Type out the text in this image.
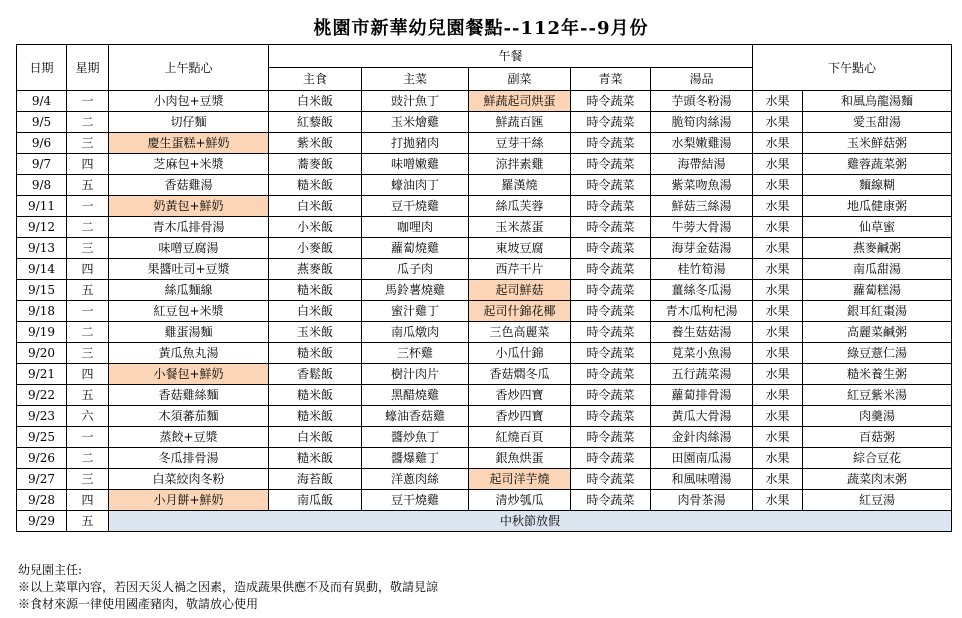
桃園市新華幼兒園餐點--112年--9月份
日期	星期	上午點心	午餐					下午點心	
			主食	主菜	副菜	青菜	湯品		
9/4	一	小肉包+豆漿	白米飯	豉汁魚丁	鮮蔬起司烘蛋	時令蔬菜	芋頭冬粉湯	水果	和風烏龍湯麵
9/5	二	切仔麵	紅藜飯	玉米燴雞	鮮蔬百匯	時令蔬菜	脆筍肉絲湯	水果	愛玉甜湯
9/6	三	慶生蛋糕+鮮奶	紫米飯	打拋豬肉	豆芽干絲	時令蔬菜	水梨嫩雞湯	水果	玉米鮮菇粥
9/7	四	芝麻包+米漿	蕎麥飯	味噌嫩雞	涼拌素雞	時令蔬菜	海帶結湯	水果	雞蓉蔬菜粥
9/8	五	香菇雞湯	糙米飯	蠔油肉丁	羅漢燒	時令蔬菜	紫菜吻魚湯	水果	麵線糊
9/11	一	奶黃包+鮮奶	白米飯	豆干燒雞	絲瓜芙蓉	時令蔬菜	鮮菇三絲湯	水果	地瓜健康粥
9/12	二	青木瓜排骨湯	小米飯	咖哩肉	玉米蒸蛋	時令蔬菜	牛蒡大骨湯	水果	仙草蜜
9/13	三	味噌豆腐湯	小麥飯	蘿蔔燒雞	東坡豆腐	時令蔬菜	海芽金菇湯	水果	燕麥鹹粥
9/14	四	果醬吐司+豆漿	燕麥飯	瓜子肉	西芹干片	時令蔬菜	桂竹筍湯	水果	南瓜甜湯
9/15	五	絲瓜麵線	糙米飯	馬鈴薯燒雞	起司鮮菇	時令蔬菜	薑絲冬瓜湯	水果	蘿蔔糕湯
9/18	一	紅豆包+米漿	白米飯	蜜汁雞丁	起司什錦花椰	時令蔬菜	青木瓜枸杞湯	水果	銀耳紅棗湯
9/19	二	雞蛋湯麵	玉米飯	南瓜燉肉	三色高麗菜	時令蔬菜	養生菇菇湯	水果	高麗菜鹹粥
9/20	三	黃瓜魚丸湯	糙米飯	三杯雞	小瓜什錦	時令蔬菜	莧菜小魚湯	水果	綠豆薏仁湯
9/21	四	小餐包+鮮奶	香鬆飯	樹汁肉片	香菇燜冬瓜	時令蔬菜	五行蔬菜湯	水果	糙米養生粥
9/22	五	香菇雞絲麵	糙米飯	黑醋燒雞	香炒四寶	時令蔬菜	蘿蔔排骨湯	水果	紅豆紫米湯
9/23	六	木須蕃茄麵	糙米飯	蠔油香菇雞	香炒四寶	時令蔬菜	黃瓜大骨湯	水果	肉羹湯
9/25	一	蒸餃+豆漿	白米飯	醬炒魚丁	紅燒百頁	時令蔬菜	金針肉絲湯	水果	百菇粥
9/26	二	冬瓜排骨湯	糙米飯	醬爆雞丁	銀魚烘蛋	時令蔬菜	田園南瓜湯	水果	綜合豆花
9/27	三	白菜絞肉冬粉	海苔飯	洋蔥肉絲	起司洋芋燒	時令蔬菜	和風味噌湯	水果	蔬菜肉末粥
9/28	四	小月餅+鮮奶	南瓜飯	豆干燒雞	清炒瓠瓜	時令蔬菜	肉骨茶湯	水果	紅豆湯
9/29	五	中秋節放假							
幼兒園主任:
※以上菜單內容，若因天災人禍之因素，造成蔬果供應不及而有異動，敬請見諒
※食材來源一律使用國產豬肉，敬請放心使用
